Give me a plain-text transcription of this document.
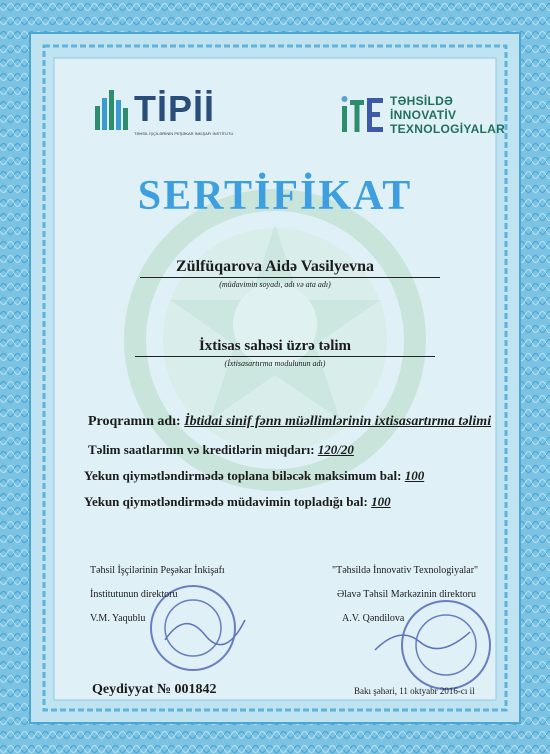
TİPİİ
TƏHSİL İŞÇİLƏRİNİN PEŞƏKAR İNKİŞAFI İNSTİTUTU
TƏHSİLDƏ
İNNOVATİV
TEXNOLOGİYALAR
SERTİFİKAT
Zülfüqarova Aidə Vasilyevna
(müdavimin soyadı, adı və ata adı)
İxtisas sahəsi üzrə təlim
(İxtisasartırma modulunun adı)
Proqramın adı: İbtidai sinif fənn müəllimlərinin ixtisasartırma təlimi
Təlim saatlarının və kreditlərin miqdarı: 120/20
Yekun qiymətləndirmədə toplana biləcək maksimum bal: 100
Yekun qiymətləndirmədə müdavimin topladığı bal: 100
Təhsil İşçilərinin Peşəkar İnkişafı
İnstitutunun direktoru
V.M. Yaqublu
"Təhsildə İnnovativ Texnologiyalar"
Əlavə Təhsil Mərkəzinin direktoru
A.V. Qəndilova
Qeydiyyat № 001842	Bakı şəhəri, 11 oktyabr 2016-cı il
